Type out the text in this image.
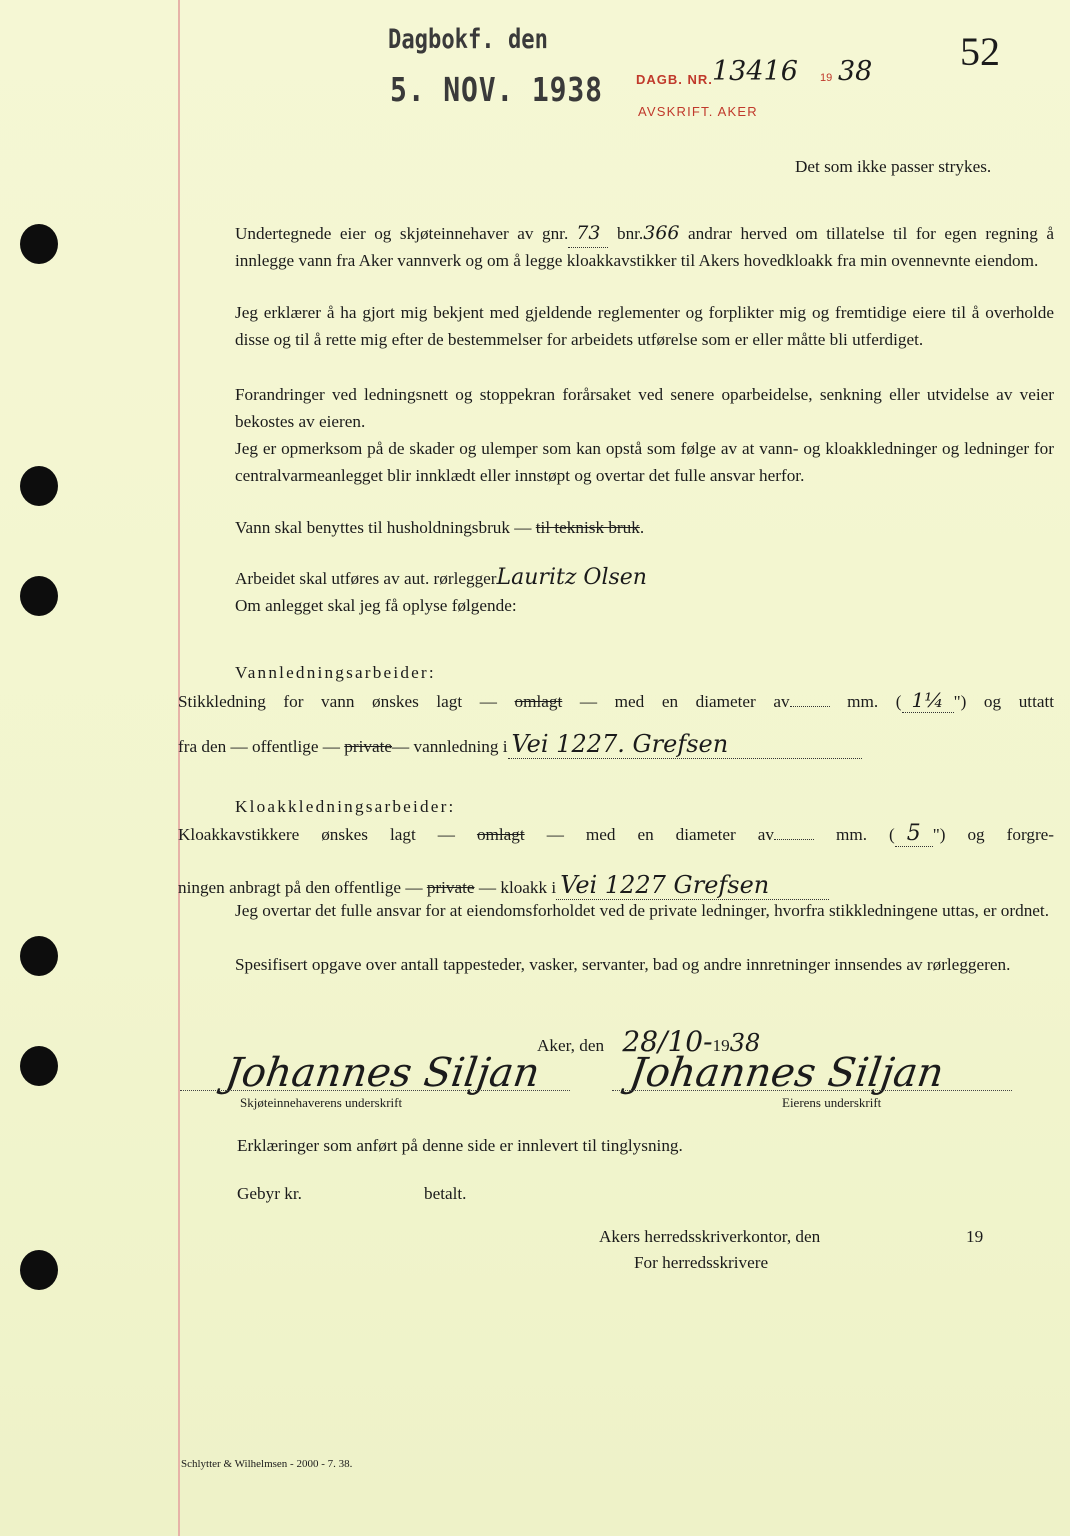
Dagbokf. den
5. NOV. 1938	DAGB. NR. 13416 19 38
AVSKRIFT. AKER
52
Det som ikke passer strykes.

Undertegnede eier og skjøteinnehaver av gnr. 73 bnr.366 andrar herved om tillatelse til for egen regning å innlegge vann fra Aker vannverk og om å legge kloakkavstikker til Akers hovedkloakk fra min ovennevnte eiendom.

Jeg erklærer å ha gjort mig bekjent med gjeldende reglementer og forplikter mig og fremtidige eiere til å overholde disse og til å rette mig efter de bestemmelser for arbeidets utførelse som er eller måtte bli utferdiget.

Forandringer ved ledningsnett og stoppekran forårsaket ved senere oparbeidelse, senkning eller utvidelse av veier bekostes av eieren.

Jeg er opmerksom på de skader og ulemper som kan opstå som følge av at vann- og kloakkledninger og ledninger for centralvarmeanlegget blir innklædt eller innstøpt og overtar det fulle ansvar herfor.

Vann skal benyttes til husholdningsbruk — til teknisk bruk.
Arbeidet skal utføres av aut. rørleggerLauritz Olsen
Om anlegget skal jeg få oplyse følgende:
Vannledningsarbeider:
Stikkledning for vann ønskes lagt — omlagt — med en diameter av	mm. ( 1¼ ") og uttatt
fra den — offentlige — private— vannledning i Vei 1227. Grefsen
Kloakkledningsarbeider:
Kloakkavstikkere ønskes lagt — omlagt — med en diameter av	mm. ( 5 ") og forgre-
ningen anbragt på den offentlige — private — kloakk i Vei 1227 Grefsen

Jeg overtar det fulle ansvar for at eiendomsforholdet ved de private ledninger, hvorfra stikkledningene uttas, er ordnet.

Spesifisert opgave over antall tappesteder, vasker, servanter, bad og andre innretninger innsendes av rørleggeren.

Aker, den 28/10-1938
Johannes Siljan Johannes Siljan
Skjøteinnehaverens underskrift	Eierens underskrift
Erklæringer som anført på denne side er innlevert til tinglysning.
Gebyr kr.	betalt.
Akers herredsskriverkontor, den	19
For herredsskrivere
Schlytter & Wilhelmsen - 2000 - 7. 38.
